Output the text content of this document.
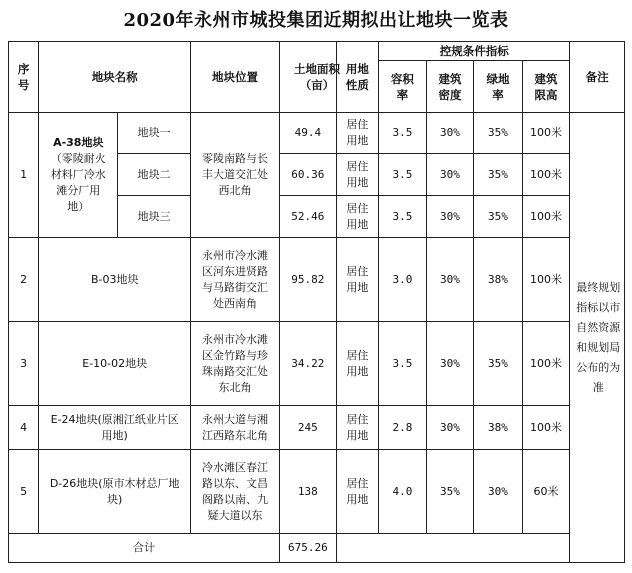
2020年永州市城投集团近期拟出让地块一览表
序号	地块名称		地块位置	土地面积（亩）	用地性质	控规条件指标				备注
						容积率	建筑密度	绿地率	建筑限高	
1	A-38地块 （零陵耐火材料厂冷水滩分厂用地）	地块一	零陵南路与长丰大道交汇处西北角	49.4	居住用地	3.5	30%	35%	100米	最终规划指标以市自然资源和规划局公布的为准
		地块二		60.36	居住用地	3.5	30%	35%	100米	
		地块三		52.46	居住用地	3.5	30%	35%	100米	
2	B-03地块		永州市冷水滩区河东进贤路与马路街交汇处西南角	95.82	居住用地	3.0	30%	38%	100米	
3	E-10-02地块		永州市冷水滩区金竹路与珍珠南路交汇处东北角	34.22	居住用地	3.5	30%	35%	100米	
4	E-24地块(原湘江纸业片区用地)		永州大道与湘江西路东北角	245	居住用地	2.8	30%	38%	100米	
5	D-26地块(原市木材总厂地块)		冷水滩区春江路以东、文昌阁路以南、九疑大道以东	138	居住用地	4.0	35%	30%	60米	
合计				675.26						
